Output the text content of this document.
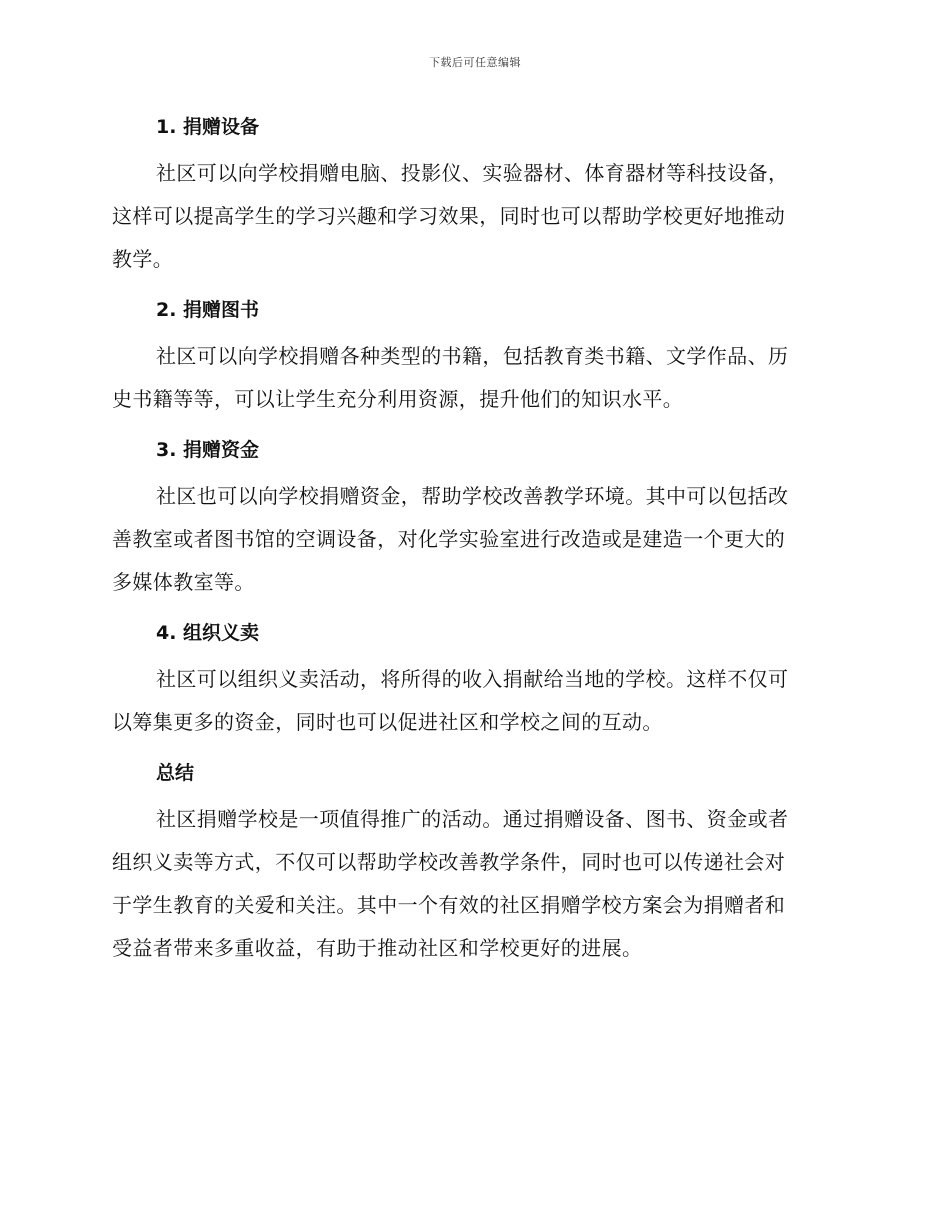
下载后可任意编辑
1. 捐赠设备
社区可以向学校捐赠电脑、投影仪、实验器材、体育器材等科技设备，
这样可以提高学生的学习兴趣和学习效果，同时也可以帮助学校更好地推动
教学。
2. 捐赠图书
社区可以向学校捐赠各种类型的书籍，包括教育类书籍、文学作品、历
史书籍等等，可以让学生充分利用资源，提升他们的知识水平。
3. 捐赠资金
社区也可以向学校捐赠资金，帮助学校改善教学环境。其中可以包括改
善教室或者图书馆的空调设备，对化学实验室进行改造或是建造一个更大的
多媒体教室等。
4. 组织义卖
社区可以组织义卖活动，将所得的收入捐献给当地的学校。这样不仅可
以筹集更多的资金，同时也可以促进社区和学校之间的互动。
总结
社区捐赠学校是一项值得推广的活动。通过捐赠设备、图书、资金或者
组织义卖等方式，不仅可以帮助学校改善教学条件，同时也可以传递社会对
于学生教育的关爱和关注。其中一个有效的社区捐赠学校方案会为捐赠者和
受益者带来多重收益，有助于推动社区和学校更好的进展。
